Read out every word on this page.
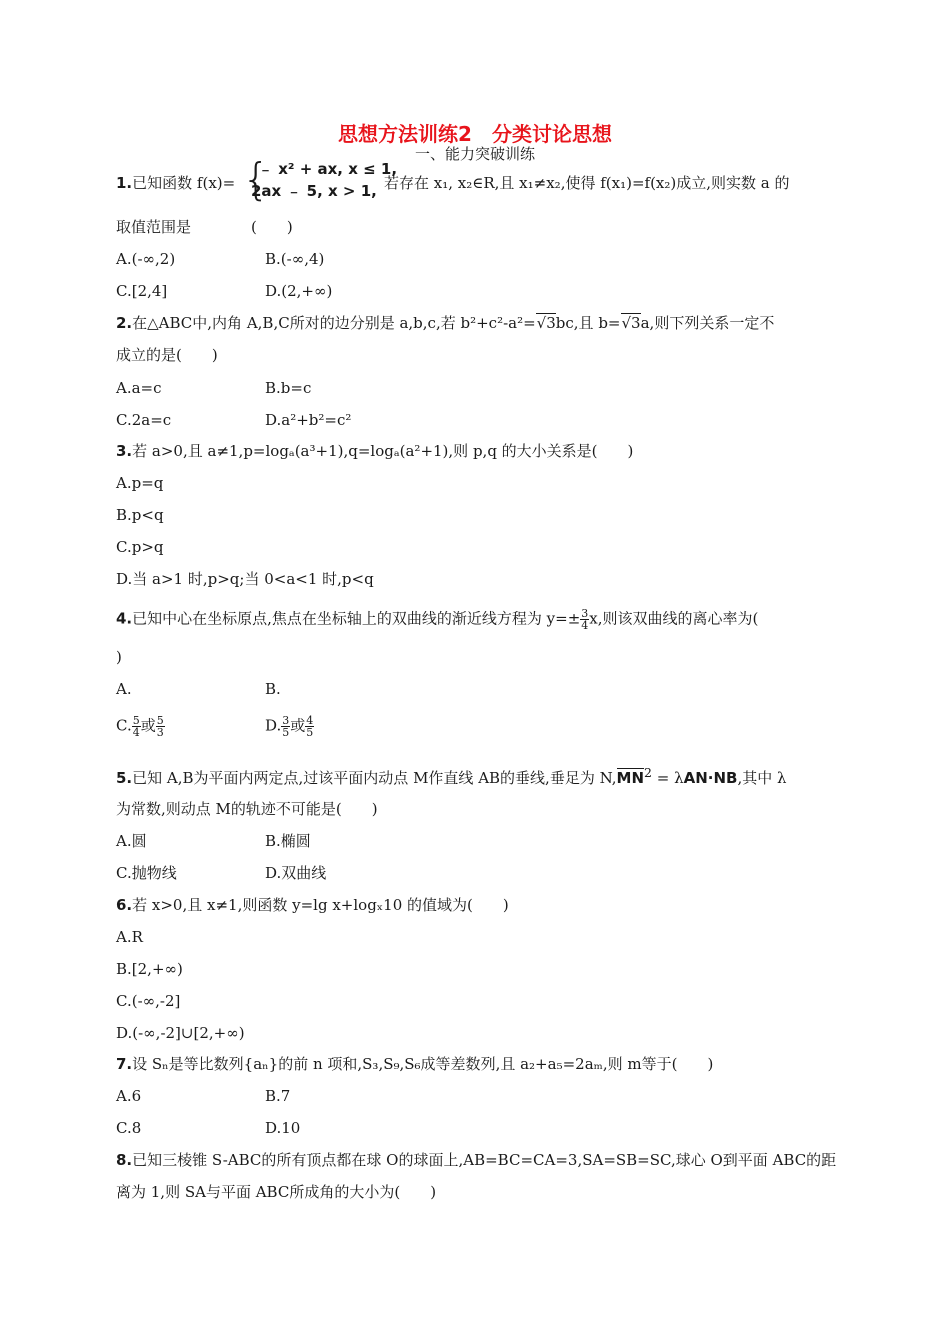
思想方法训练2　分类讨论思想
一、能力突破训练
1.已知函数 f(x)= {
﹣ x² + ax, x ≤ 1,
2ax ﹣ 5, x > 1, 若存在 x₁, x₂∈R,且 x₁≠x₂,使得 f(x₁)=f(x₂)成立,则实数 a 的
取值范围是　　　　(　　)
A.(-∞,2)	B.(-∞,4)
C.[2,4]	D.(2,+∞)
2.在△ABC中,内角 A,B,C所对的边分别是 a,b,c,若 b²+c²-a²=√3bc,且 b=√3a,则下列关系一定不
成立的是(　　)
A.a=c	B.b=c
C.2a=c	D.a²+b²=c²
3.若 a>0,且 a≠1,p=logₐ(a³+1),q=logₐ(a²+1),则 p,q 的大小关系是(　　)
A.p=q
B.p<q
C.p>q
D.当 a>1 时,p>q;当 0<a<1 时,p<q
4.已知中心在坐标原点,焦点在坐标轴上的双曲线的渐近线方程为 $y=\pm \frac{3}{4} x$,则该双曲线的离心率为(
)
A.	B.
C. $\frac{5}{4}$ 或 $\frac{5}{3}$	D. $\frac{3}{5}$ 或 $\frac{4}{5}$
5.已知 A,B为平面内两定点,过该平面内动点 M作直线 AB的垂线,垂足为 $N,MN^2 = \lambda AN\cdot NB$,其中 λ
为常数,则动点 M的轨迹不可能是(　　)
A.圆	B.椭圆
C.抛物线	D.双曲线
6.若 x>0,且 x≠1,则函数 y=lg x+logₓ10 的值域为(　　)
A.R
B.[2,+∞)
C.(-∞,-2]
D.(-∞,-2]∪[2,+∞)
7.设 Sₙ是等比数列{aₙ}的前 n 项和,S₃,S₉,S₆成等差数列,且 a₂+a₅=2aₘ,则 m等于(　　)
A.6	B.7
C.8	D.10
8.已知三棱锥 S-ABC的所有顶点都在球 O的球面上,AB=BC=CA=3,SA=SB=SC,球心 O到平面 ABC的距
离为 1,则 SA与平面 ABC所成角的大小为(　　)
